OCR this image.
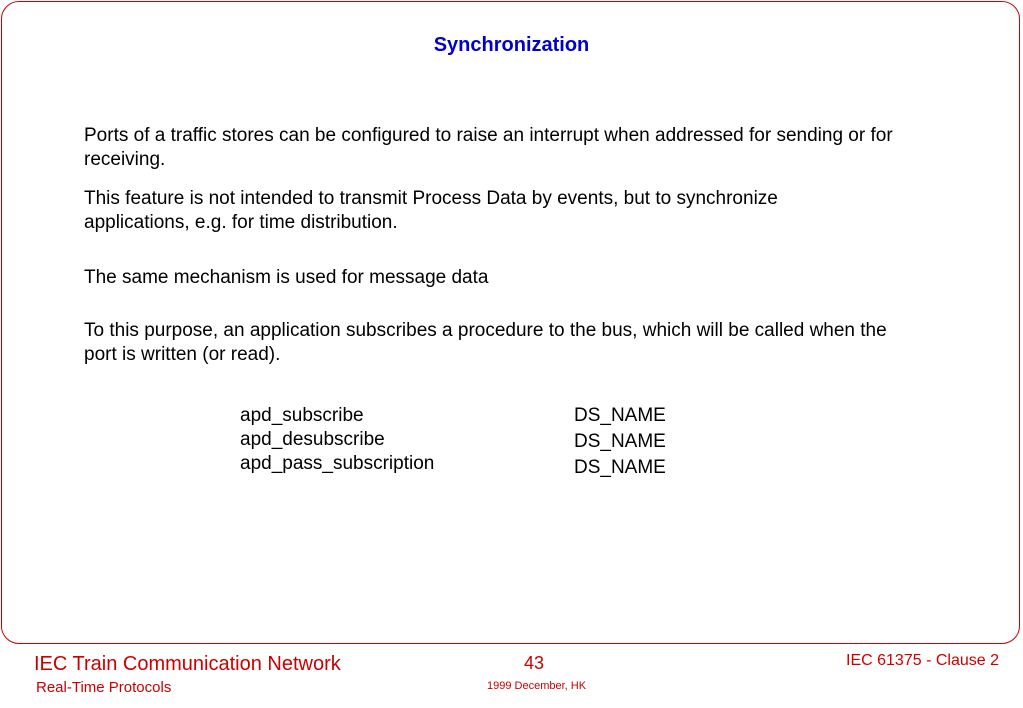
Synchronization

Ports of a traffic stores can be configured to raise an interrupt when addressed for sending or for receiving.

This feature is not intended to transmit Process Data by events, but to synchronize applications, e.g. for time distribution.

The same mechanism is used for message data

To this purpose, an application subscribes a procedure to the bus, which will be called when the port is written (or read).

apd_subscribe
apd_desubscribe
apd_pass_subscription
DS_NAME
DS_NAME
DS_NAME
IEC Train Communication Network
Real-Time Protocols
43
1999 December, HK
IEC 61375 - Clause 2
